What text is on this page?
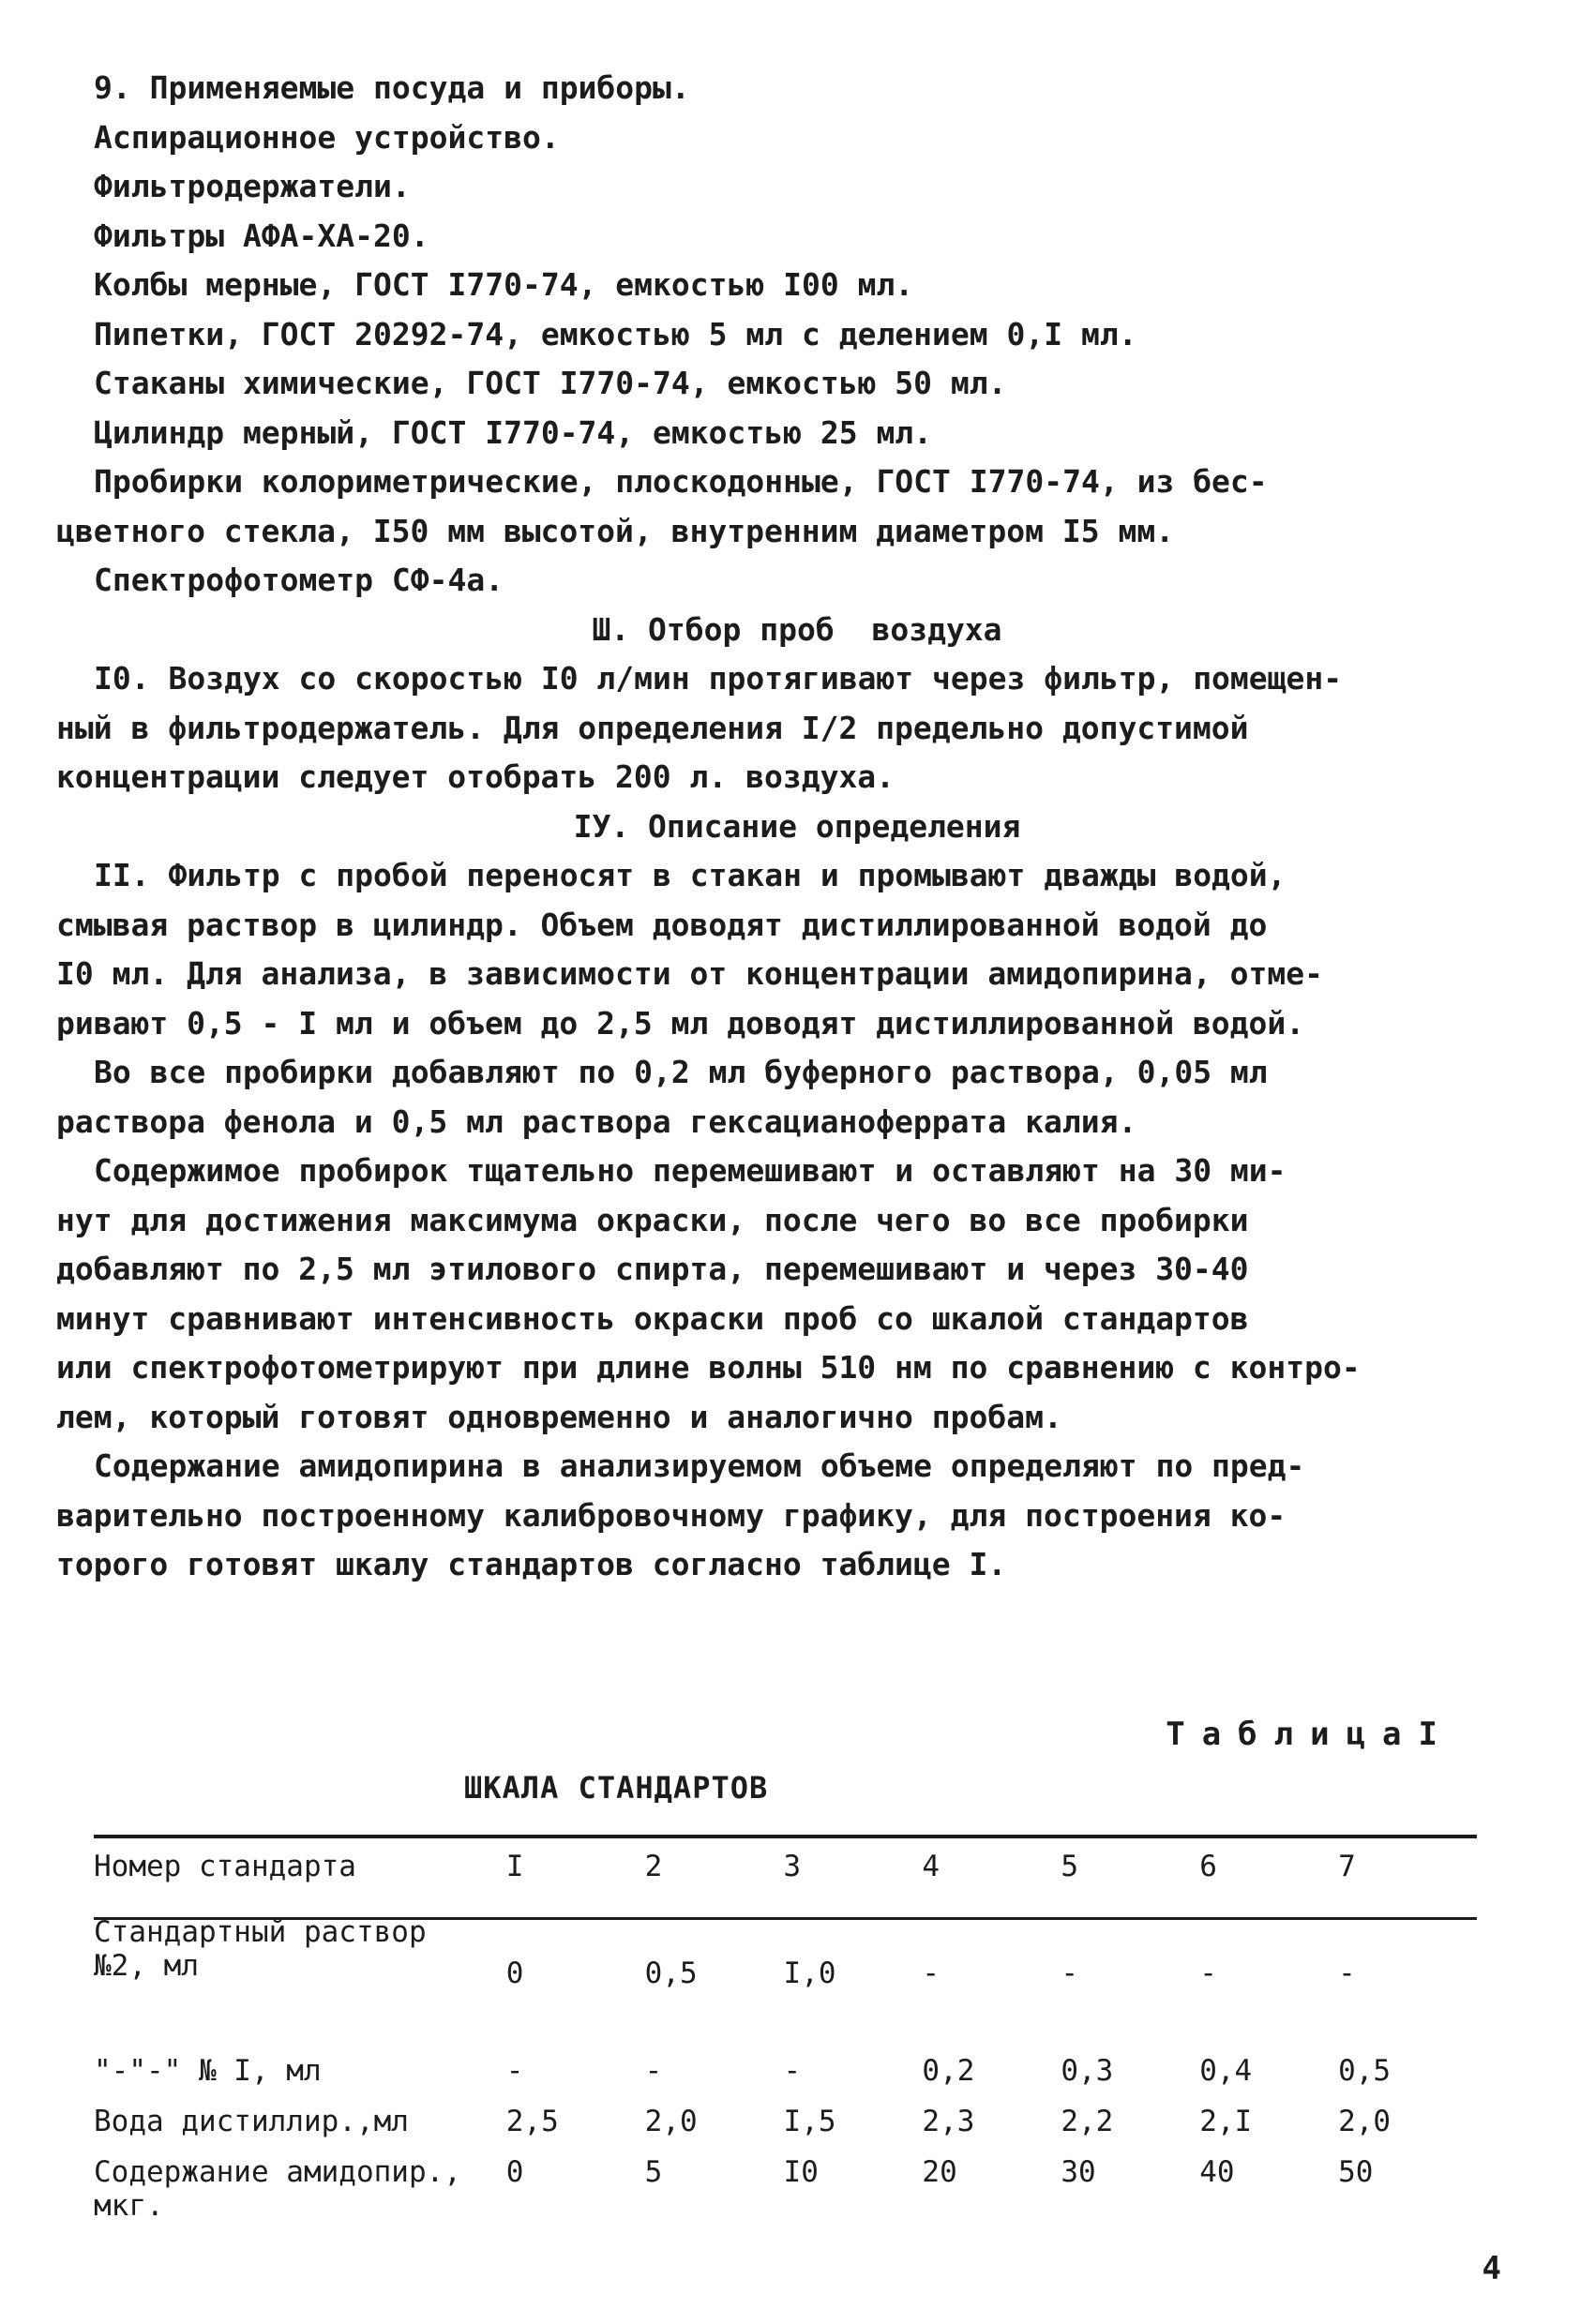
9. Применяемые посуда и приборы.
Аспирационное устройство.
Фильтродержатели.
Фильтры АФА-ХА-20.
Колбы мерные, ГОСТ I770-74, емкостью I00 мл.
Пипетки, ГОСТ 20292-74, емкостью 5 мл с делением 0,I мл.
Стаканы химические, ГОСТ I770-74, емкостью 50 мл.
Цилиндр мерный, ГОСТ I770-74, емкостью 25 мл.
Пробирки колориметрические, плоскодонные, ГОСТ I770-74, из бес-
цветного стекла, I50 мм высотой, внутренним диаметром I5 мм.
Спектрофотометр СФ-4а.
Ш. Отбор проб  воздуха
I0. Воздух со скоростью I0 л/мин протягивают через фильтр, помещен-
ный в фильтродержатель. Для определения I/2 предельно допустимой
концентрации следует отобрать 200 л. воздуха.
IУ. Описание определения
II. Фильтр с пробой переносят в стакан и промывают дважды водой,
смывая раствор в цилиндр. Объем доводят дистиллированной водой до
I0 мл. Для анализа, в зависимости от концентрации амидопирина, отме-
ривают 0,5 - I мл и объем до 2,5 мл доводят дистиллированной водой.
Во все пробирки добавляют по 0,2 мл буферного раствора, 0,05 мл
раствора фенола и 0,5 мл раствора гексацианоферрата калия.
Содержимое пробирок тщательно перемешивают и оставляют на 30 ми-
нут для достижения максимума окраски, после чего во все пробирки
добавляют по 2,5 мл этилового спирта, перемешивают и через 30-40
минут сравнивают интенсивность окраски проб со шкалой стандартов
или спектрофотометрируют при длине волны 510 нм по сравнению с контро-
лем, который готовят одновременно и аналогично пробам.
Содержание амидопирина в анализируемом объеме определяют по пред-
варительно построенному калибровочному графику, для построения ко-
торого готовят шкалу стандартов согласно таблице I.
ТаблицаI
ШКАЛА СТАНДАРТОВ
Номер стандарта	I	2	3	4	5	6	7

Стандартный раствор
№2, мл	0	0,5	I,0	-	-	-	-
"-"-" № I, мл	-	-	-	0,2	0,3	0,4	0,5
Вода дистиллир.,мл	2,5	2,0	I,5	2,3	2,2	2,I	2,0

Содержание амидопир.,
мкг.	0	5	I0	20	30	40	50
4
